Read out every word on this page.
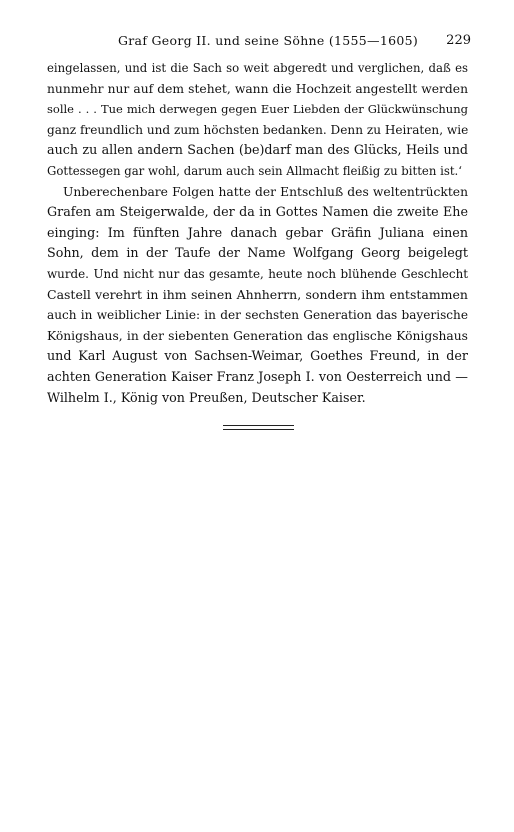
Graf Georg II. und seine Söhne (1555—1605) 229
eingelassen, und ist die Sach so weit abgeredt und verglichen, daß es
nunmehr nur auf dem stehet, wann die Hochzeit angestellt werden
solle . . . Tue mich derwegen gegen Euer Liebden der Glückwünschung
ganz freundlich und zum höchsten bedanken. Denn zu Heiraten, wie
auch zu allen andern Sachen (be)darf man des Glücks, Heils und
Gottessegen gar wohl, darum auch sein Allmacht fleißig zu bitten ist.‘
Unberechenbare Folgen hatte der Entschluß des weltentrückten
Grafen am Steigerwalde, der da in Gottes Namen die zweite Ehe
einging: Im fünften Jahre danach gebar Gräfin Juliana einen
Sohn, dem in der Taufe der Name Wolfgang Georg beigelegt
wurde. Und nicht nur das gesamte, heute noch blühende Geschlecht
Castell verehrt in ihm seinen Ahnherrn, sondern ihm entstammen
auch in weiblicher Linie: in der sechsten Generation das bayerische
Königshaus, in der siebenten Generation das englische Königshaus
und Karl August von Sachsen-Weimar, Goethes Freund, in der
achten Generation Kaiser Franz Joseph I. von Oesterreich und —
Wilhelm I., König von Preußen, Deutscher Kaiser.
